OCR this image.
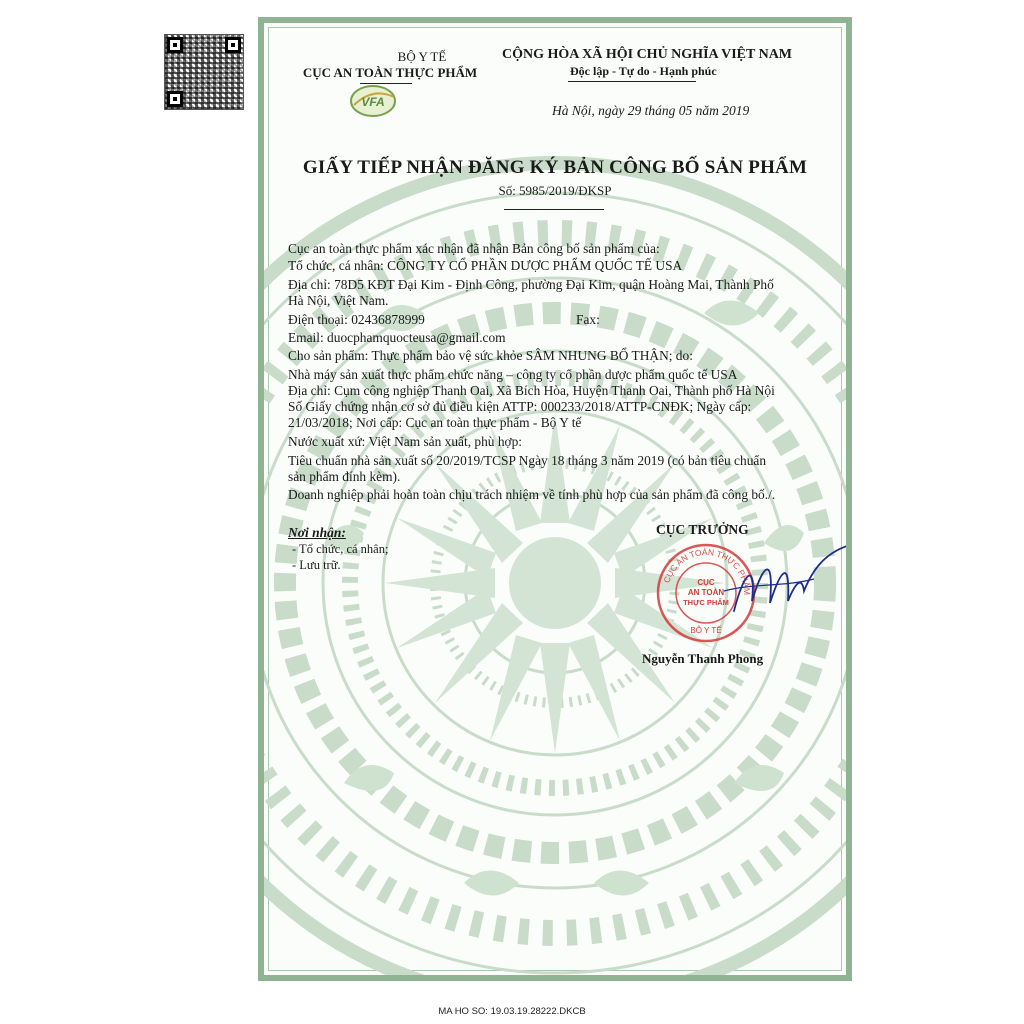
BỘ Y TẾ
CỤC AN TOÀN THỰC PHẨM
VFA
CỘNG HÒA XÃ HỘI CHỦ NGHĨA VIỆT NAM
Độc lập - Tự do - Hạnh phúc
Hà Nội, ngày 29 tháng 05 năm 2019
GIẤY TIẾP NHẬN ĐĂNG KÝ BẢN CÔNG BỐ SẢN PHẨM
Số: 5985/2019/ĐKSP
Cục an toàn thực phẩm xác nhận đã nhận Bản công bố sản phẩm của:
Tổ chức, cá nhân: CÔNG TY CỔ PHẦN DƯỢC PHẨM QUỐC TẾ USA
Địa chỉ: 78D5 KĐT Đại Kim - Định Công, phường Đại Kim, quận Hoàng Mai, Thành Phố
Hà Nội, Việt Nam.
Điện thoại: 02436878999	Fax:
Email: duocphamquocteusa@gmail.com
Cho sản phẩm: Thực phẩm bảo vệ sức khỏe SÂM NHUNG BỔ THẬN; do:
Nhà máy sản xuất thực phẩm chức năng – công ty cổ phần dược phẩm quốc tế USA
Địa chỉ: Cụm công nghiệp Thanh Oai, Xã Bích Hòa, Huyện Thanh Oai, Thành phố Hà Nội
Số Giấy chứng nhận cơ sở đủ điều kiện ATTP: 000233/2018/ATTP-CNĐK; Ngày cấp:
21/03/2018; Nơi cấp: Cục an toàn thực phẩm - Bộ Y tế
Nước xuất xứ: Việt Nam sản xuất, phù hợp:
Tiêu chuẩn nhà sản xuất số 20/2019/TCSP Ngày 18 tháng 3 năm 2019 (có bản tiêu chuẩn
sản phẩm đính kèm).
Doanh nghiệp phải hoàn toàn chịu trách nhiệm về tính phù hợp của sản phẩm đã công bố./.
Nơi nhận:
- Tổ chức, cá nhân;
- Lưu trữ.
CỤC TRƯỞNG
CỤC AN TOÀN THỰC PHẨM
CỤC
AN TOÀN
THỰC PHẨM
BỘ Y TẾ
Nguyễn Thanh Phong
MA HO SO: 19.03.19.28222.DKCB
